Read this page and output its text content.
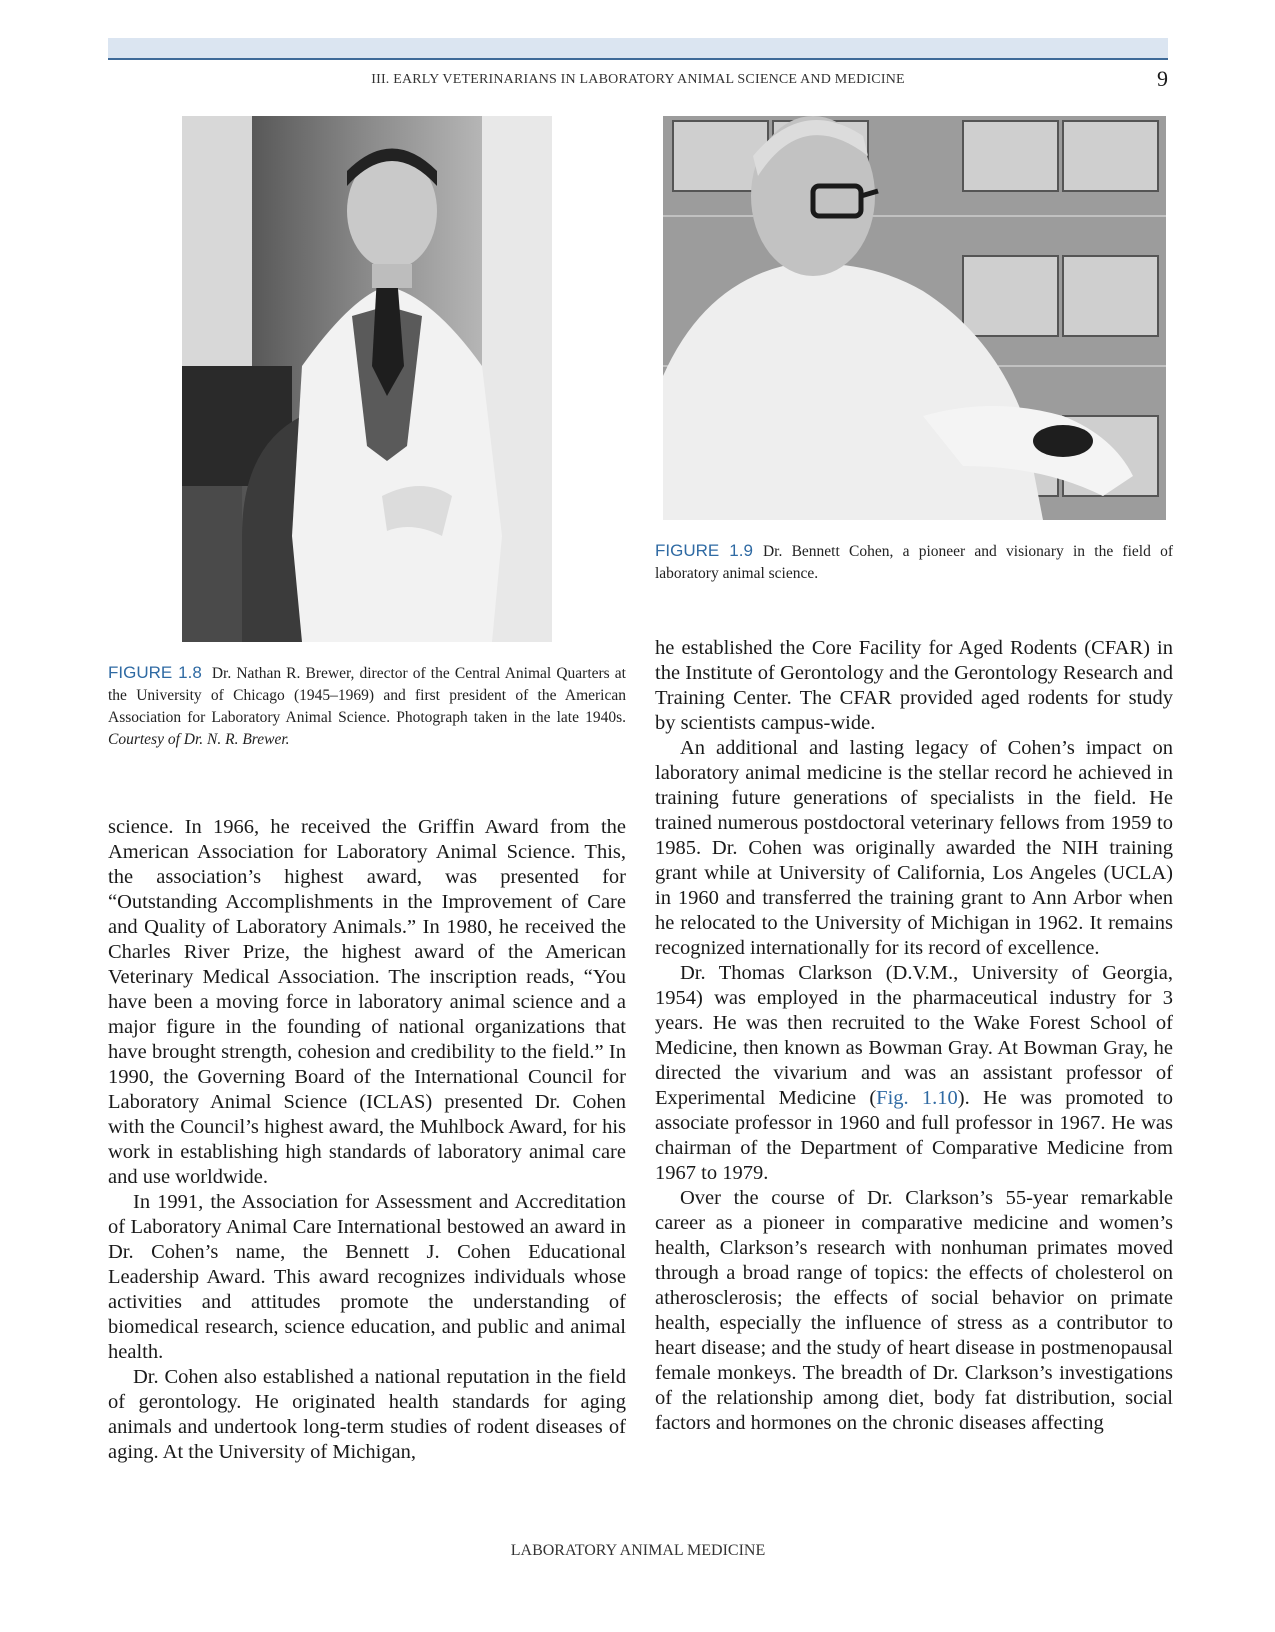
III. EARLY VETERINARIANS IN LABORATORY ANIMAL SCIENCE AND MEDICINE	9
FIGURE 1.9 Dr. Bennett Cohen, a pioneer and visionary in the field of laboratory animal science.
FIGURE 1.8 Dr. Nathan R. Brewer, director of the Central Animal Quarters at the University of Chicago (1945–1969) and first president of the American Association for Laboratory Animal Science. Photograph taken in the late 1940s. Courtesy of Dr. N. R. Brewer.

science. In 1966, he received the Griffin Award from the American Association for Laboratory Animal Science. This, the association’s highest award, was presented for “Outstanding Accomplishments in the Improvement of Care and Quality of Laboratory Animals.” In 1980, he received the Charles River Prize, the highest award of the American Veterinary Medical Association. The inscription reads, “You have been a moving force in laboratory animal science and a major figure in the founding of national organizations that have brought strength, cohesion and credibility to the field.” In 1990, the Governing Board of the International Council for Laboratory Animal Science (ICLAS) presented Dr. Cohen with the Council’s highest award, the Muhlbock Award, for his work in establishing high standards of laboratory animal care and use worldwide.

In 1991, the Association for Assessment and Accreditation of Laboratory Animal Care International bestowed an award in Dr. Cohen’s name, the Bennett J. Cohen Educational Leadership Award. This award recognizes individuals whose activities and attitudes promote the understanding of biomedical research, science education, and public and animal health.

Dr. Cohen also established a national reputation in the field of gerontology. He originated health standards for aging animals and undertook long-term studies of rodent diseases of aging. At the University of Michigan,

he established the Core Facility for Aged Rodents (CFAR) in the Institute of Gerontology and the Gerontology Research and Training Center. The CFAR provided aged rodents for study by scientists campus-wide.

An additional and lasting legacy of Cohen’s impact on laboratory animal medicine is the stellar record he achieved in training future generations of specialists in the field. He trained numerous postdoctoral veterinary fellows from 1959 to 1985. Dr. Cohen was originally awarded the NIH training grant while at University of California, Los Angeles (UCLA) in 1960 and transferred the training grant to Ann Arbor when he relocated to the University of Michigan in 1962. It remains recognized internationally for its record of excellence.

Dr. Thomas Clarkson (D.V.M., University of Georgia, 1954) was employed in the pharmaceutical industry for 3 years. He was then recruited to the Wake Forest School of Medicine, then known as Bowman Gray. At Bowman Gray, he directed the vivarium and was an assistant professor of Experimental Medicine (Fig. 1.10). He was promoted to associate professor in 1960 and full professor in 1967. He was chairman of the Department of Comparative Medicine from 1967 to 1979.

Over the course of Dr. Clarkson’s 55-year remarkable career as a pioneer in comparative medicine and women’s health, Clarkson’s research with nonhuman primates moved through a broad range of topics: the effects of cholesterol on atherosclerosis; the effects of social behavior on primate health, especially the influence of stress as a contributor to heart disease; and the study of heart disease in postmenopausal female monkeys. The breadth of Dr. Clarkson’s investigations of the relationship among diet, body fat distribution, social factors and hormones on the chronic diseases affecting

LABORATORY ANIMAL MEDICINE
